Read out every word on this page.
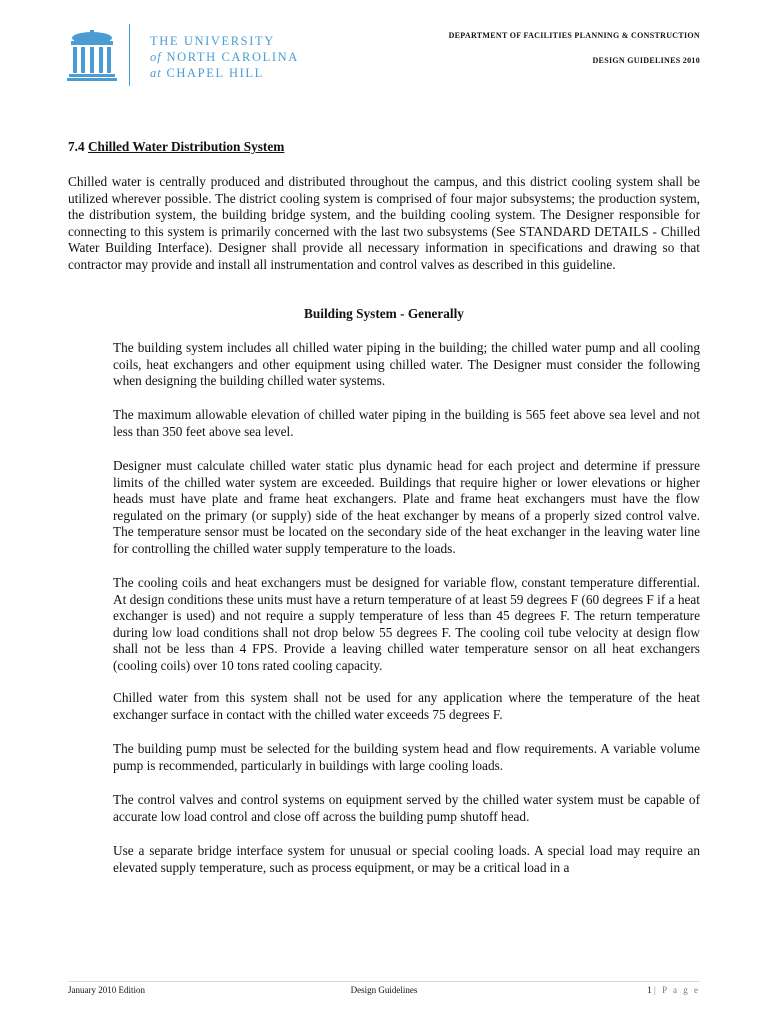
THE UNIVERSITY
of NORTH CAROLINA
at CHAPEL HILL
DEPARTMENT OF FACILITIES PLANNING & CONSTRUCTION
DESIGN GUIDELINES 2010
7.4 Chilled Water Distribution System

Chilled water is centrally produced and distributed throughout the campus, and this district cooling system shall be utilized wherever possible. The district cooling system is comprised of four major subsystems; the production system, the distribution system, the building bridge system, and the building cooling system. The Designer responsible for connecting to this system is primarily concerned with the last two subsystems (See STANDARD DETAILS - Chilled Water Building Interface). Designer shall provide all necessary information in specifications and drawing so that contractor may provide and install all instrumentation and control valves as described in this guideline.

Building System - Generally

The building system includes all chilled water piping in the building; the chilled water pump and all cooling coils, heat exchangers and other equipment using chilled water. The Designer must consider the following when designing the building chilled water systems.

The maximum allowable elevation of chilled water piping in the building is 565 feet above sea level and not less than 350 feet above sea level.

Designer must calculate chilled water static plus dynamic head for each project and determine if pressure limits of the chilled water system are exceeded. Buildings that require higher or lower elevations or higher heads must have plate and frame heat exchangers. Plate and frame heat exchangers must have the flow regulated on the primary (or supply) side of the heat exchanger by means of a properly sized control valve. The temperature sensor must be located on the secondary side of the heat exchanger in the leaving water line for controlling the chilled water supply temperature to the loads.

The cooling coils and heat exchangers must be designed for variable flow, constant temperature differential. At design conditions these units must have a return temperature of at least 59 degrees F (60 degrees F if a heat exchanger is used) and not require a supply temperature of less than 45 degrees F. The return temperature during low load conditions shall not drop below 55 degrees F. The cooling coil tube velocity at design flow shall not be less than 4 FPS. Provide a leaving chilled water temperature sensor on all heat exchangers (cooling coils) over 10 tons rated cooling capacity.

Chilled water from this system shall not be used for any application where the temperature of the heat exchanger surface in contact with the chilled water exceeds 75 degrees F.

The building pump must be selected for the building system head and flow requirements. A variable volume pump is recommended, particularly in buildings with large cooling loads.

The control valves and control systems on equipment served by the chilled water system must be capable of accurate low load control and close off across the building pump shutoff head.

Use a separate bridge interface system for unusual or special cooling loads. A special load may require an elevated supply temperature, such as process equipment, or may be a critical load in a

January 2010 Edition	Design Guidelines	1 | P a g e
